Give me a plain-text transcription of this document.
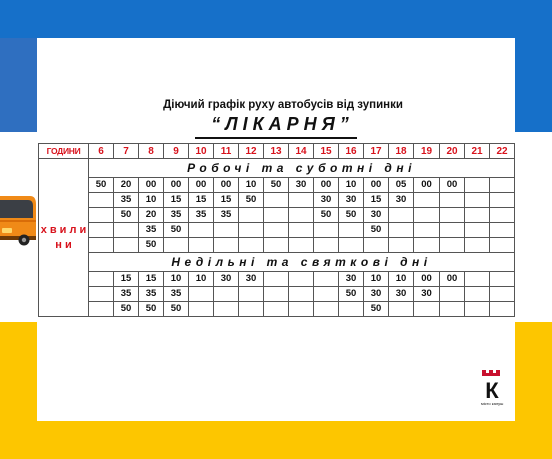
Діючий графік руху автобусів від зупинки
“ЛІКАРНЯ”
ГОДИНИ	6	7	8	9	10	11	12	13	14	15	16	17	18	19	20	21	22
х в и л и н и	Робочі та суботні дні																
	50	20	00	00	00	00	10	50	30	00	10	00	05	00	00		
		35	10	15	15	15	50			30	30	15	30				
		50	20	35	35	35				50	50	30					
			35	50								50					
			50														
	Недільні та святкові дні																
		15	15	10	10	30	30				30	10	10	00	00		
		35	35	35							50	30	30	30			
		50	50	50								50					
К
місто калуш
